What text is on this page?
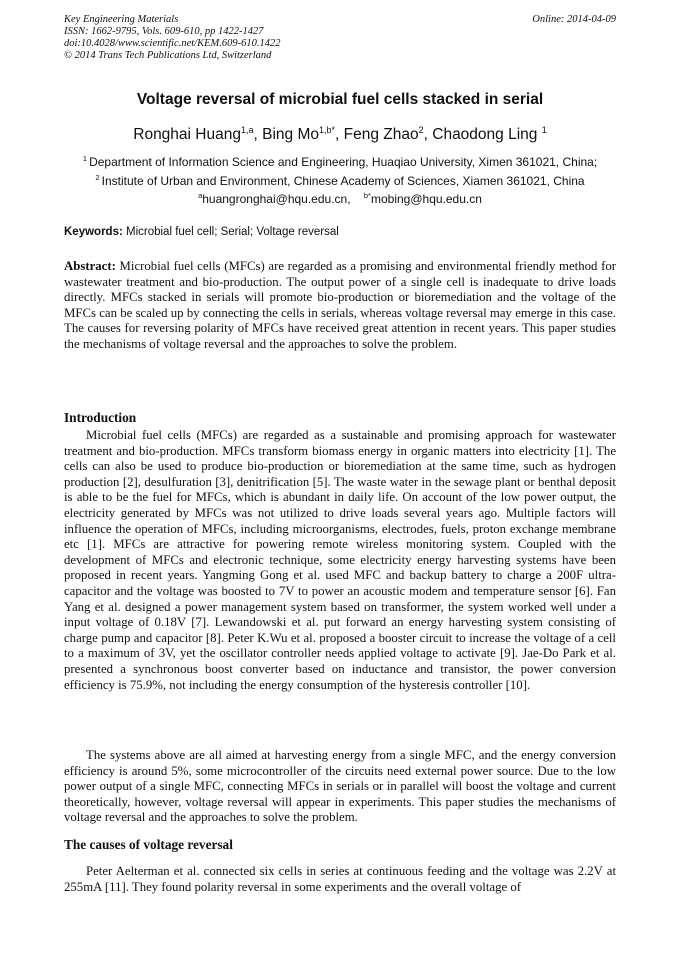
Key Engineering Materials
ISSN: 1662-9795, Vols. 609-610, pp 1422-1427
doi:10.4028/www.scientific.net/KEM.609-610.1422
© 2014 Trans Tech Publications Ltd, Switzerland
Online: 2014-04-09
Voltage reversal of microbial fuel cells stacked in serial
Ronghai Huang$^{1,a}$, Bing $Mo^{1,b*}$, Feng Zhao$^2$, Chaodong Ling $^1$
$^1$ Department of Information Science and Engineering, Huaqiao University, Ximen 361021, China;
$^2$ Institute of Urban and Environment, Chinese Academy of Sciences, Xiamen 361021, China
$^a$huangronghai@hqu.edu.cn, $^{b*}$mobing@hqu.edu.cn
Keywords: Microbial fuel cell; Serial; Voltage reversal
Abstract: Microbial fuel cells (MFCs) are regarded as a promising and environmental friendly method for wastewater treatment and bio-production. The output power of a single cell is inadequate to drive loads directly. MFCs stacked in serials will promote bio-production or bioremediation and the voltage of the MFCs can be scaled up by connecting the cells in serials, whereas voltage reversal may emerge in this case. The causes for reversing polarity of MFCs have received great attention in recent years. This paper studies the mechanisms of voltage reversal and the approaches to solve the problem.
Introduction
Microbial fuel cells (MFCs) are regarded as a sustainable and promising approach for wastewater treatment and bio-production. MFCs transform biomass energy in organic matters into electricity [1]. The cells can also be used to produce bio-production or bioremediation at the same time, such as hydrogen production [2], desulfuration [3], denitrification [5]. The waste water in the sewage plant or benthal deposit is able to be the fuel for MFCs, which is abundant in daily life. On account of the low power output, the electricity generated by MFCs was not utilized to drive loads several years ago. Multiple factors will influence the operation of MFCs, including microorganisms, electrodes, fuels, proton exchange membrane etc [1]. MFCs are attractive for powering remote wireless monitoring system. Coupled with the development of MFCs and electronic technique, some electricity energy harvesting systems have been proposed in recent years. Yangming Gong et al. used MFC and backup battery to charge a 200F ultra-capacitor and the voltage was boosted to 7V to power an acoustic modem and temperature sensor [6]. Fan Yang et al. designed a power management system based on transformer, the system worked well under a input voltage of 0.18V [7]. Lewandowski et al. put forward an energy harvesting system consisting of charge pump and capacitor [8]. Peter K.Wu et al. proposed a booster circuit to increase the voltage of a cell to a maximum of 3V, yet the oscillator controller needs applied voltage to activate [9]. Jae-Do Park et al. presented a synchronous boost converter based on inductance and transistor, the power conversion efficiency is 75.9%, not including the energy consumption of the hysteresis controller [10].
The systems above are all aimed at harvesting energy from a single MFC, and the energy conversion efficiency is around 5%, some microcontroller of the circuits need external power source. Due to the low power output of a single MFC, connecting MFCs in serials or in parallel will boost the voltage and current theoretically, however, voltage reversal will appear in experiments. This paper studies the mechanisms of voltage reversal and the approaches to solve the problem.
The causes of voltage reversal
Peter Aelterman et al. connected six cells in series at continuous feeding and the voltage was 2.2V at 255mA [11]. They found polarity reversal in some experiments and the overall voltage of
